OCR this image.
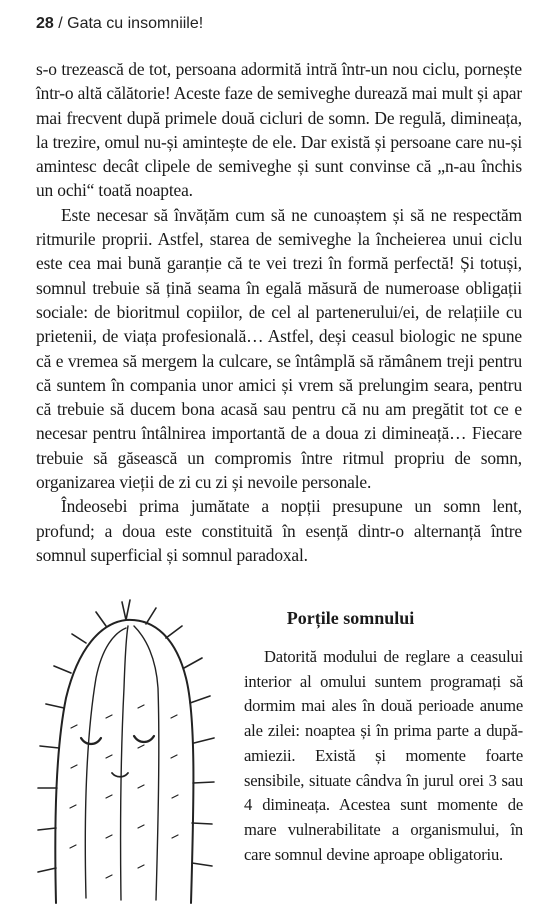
28 / Gata cu insomniile!

s-o trezească de tot, persoana adormită intră într-un nou ciclu, pornește într-o altă călătorie! Aceste faze de semiveghe durează mai mult și apar mai frecvent după primele două cicluri de somn. De regulă, dimineața, la trezire, omul nu-și amintește de ele. Dar există și persoane care nu-și amintesc decât clipele de semiveghe și sunt convinse că „n-au închis un ochi“ toată noaptea.

Este necesar să învățăm cum să ne cunoaștem și să ne respectăm ritmurile proprii. Astfel, starea de semiveghe la încheierea unui ciclu este cea mai bună garanție că te vei trezi în formă perfectă! Și totuși, somnul trebuie să țină seama în egală măsură de numeroase obligații sociale: de bioritmul copiilor, de cel al partenerului/ei, de relațiile cu prietenii, de viața profesională… Astfel, deși ceasul biologic ne spune că e vremea să mergem la culcare, se întâmplă să rămânem treji pentru că suntem în compania unor amici și vrem să prelungim seara, pentru că trebuie să ducem bona acasă sau pentru că nu am pregătit tot ce e necesar pentru întâlnirea importantă de a doua zi dimineață… Fiecare trebuie să găsească un compromis între ritmul propriu de somn, organizarea vieții de zi cu zi și nevoile personale.

Îndeosebi prima jumătate a nopții presupune un somn lent, profund; a doua este constituită în esență dintr-o alternanță între somnul superficial și somnul paradoxal.

Porțile somnului

Datorită modului de reglare a ceasului interior al omului suntem programați să dormim mai ales în două perioade anume ale zilei: noaptea și în prima parte a după-amiezii. Există și momente foarte sensibile, situate cândva în jurul orei 3 sau 4 dimineața. Acestea sunt momente de mare vulnerabilitate a organismului, în care somnul devine aproape obligatoriu.
